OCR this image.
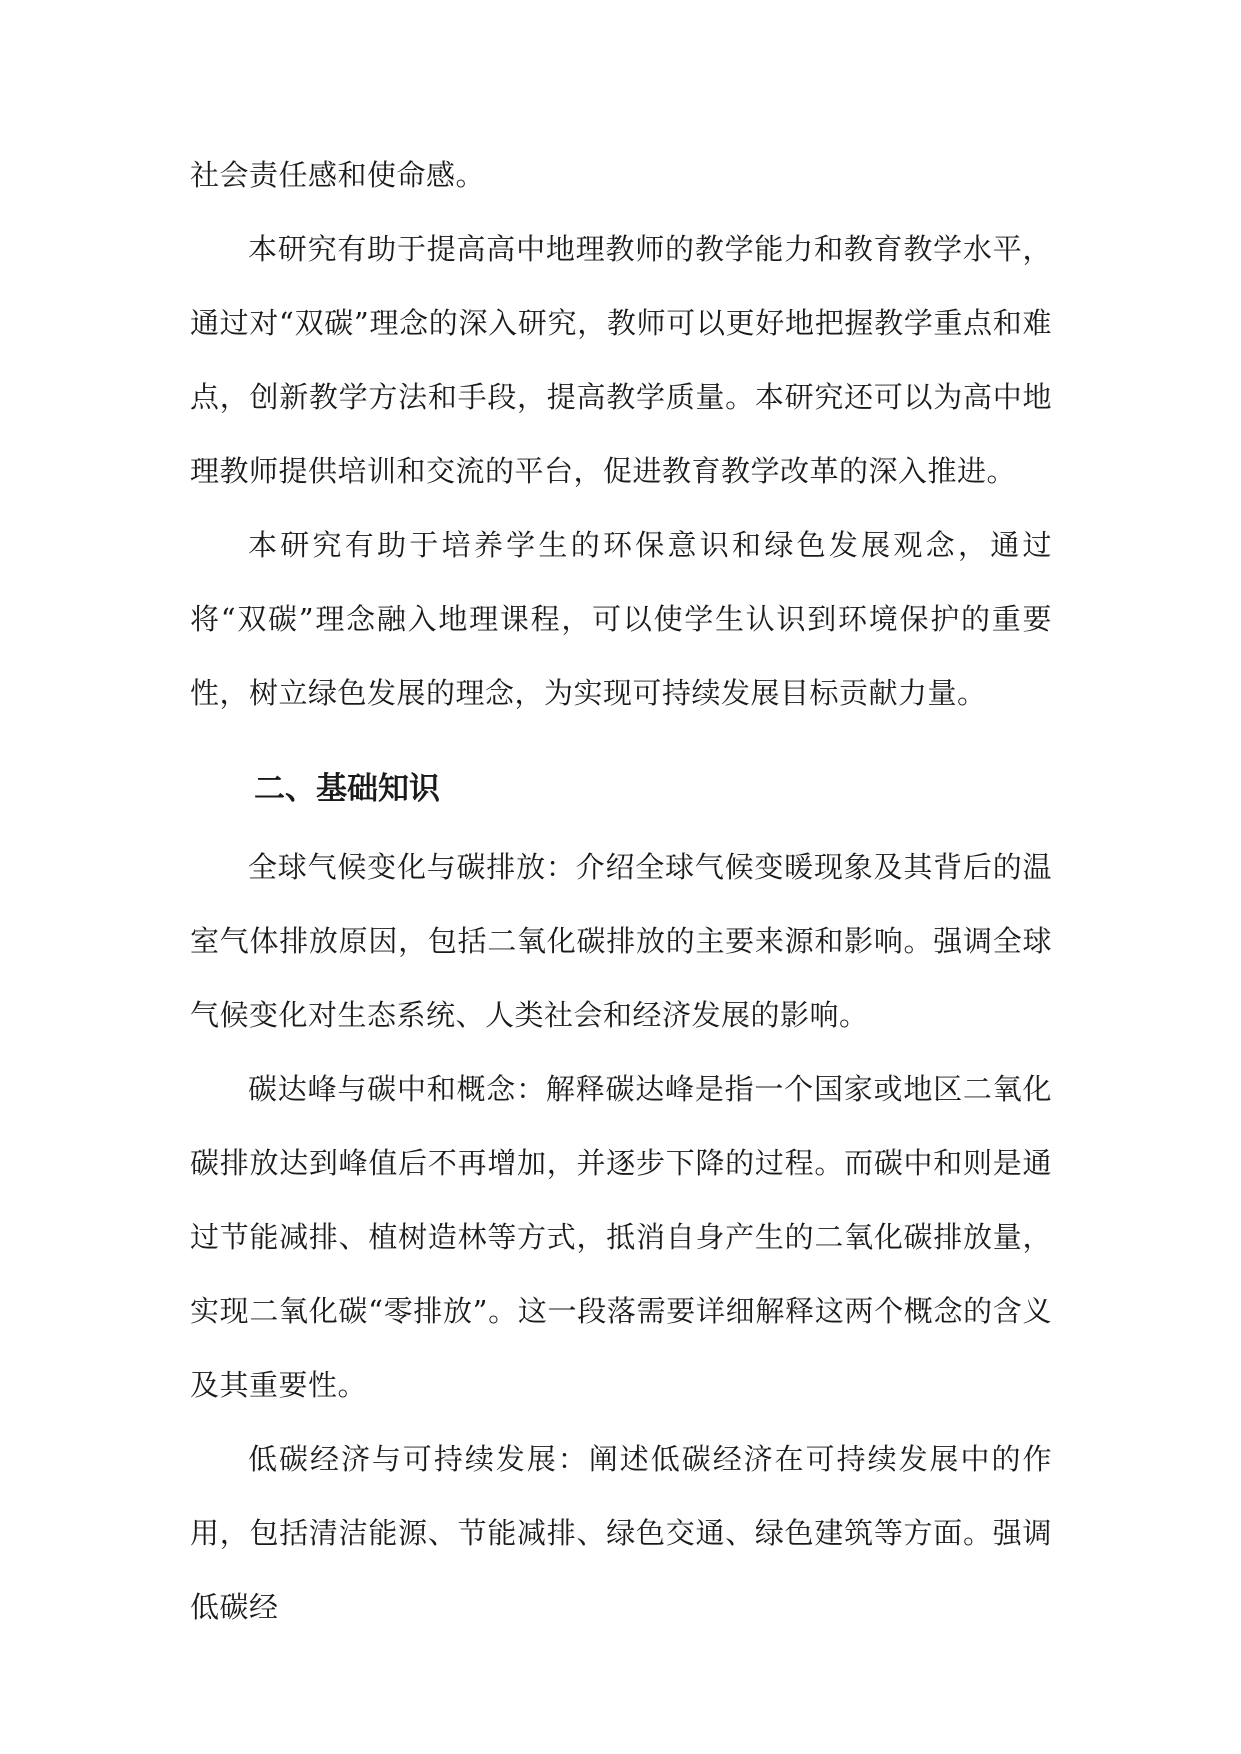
社会责任感和使命感。

本研究有助于提高高中地理教师的教学能力和教育教学水平，通过对“双碳”理念的深入研究，教师可以更好地把握教学重点和难点，创新教学方法和手段，提高教学质量。本研究还可以为高中地理教师提供培训和交流的平台，促进教育教学改革的深入推进。

本研究有助于培养学生的环保意识和绿色发展观念，通过将“双碳”理念融入地理课程，可以使学生认识到环境保护的重要性，树立绿色发展的理念，为实现可持续发展目标贡献力量。

二、基础知识

全球气候变化与碳排放：介绍全球气候变暖现象及其背后的温室气体排放原因，包括二氧化碳排放的主要来源和影响。强调全球气候变化对生态系统、人类社会和经济发展的影响。

碳达峰与碳中和概念：解释碳达峰是指一个国家或地区二氧化碳排放达到峰值后不再增加，并逐步下降的过程。而碳中和则是通过节能减排、植树造林等方式，抵消自身产生的二氧化碳排放量，实现二氧化碳“零排放”。这一段落需要详细解释这两个概念的含义及其重要性。

低碳经济与可持续发展：阐述低碳经济在可持续发展中的作用，包括清洁能源、节能减排、绿色交通、绿色建筑等方面。强调低碳经
